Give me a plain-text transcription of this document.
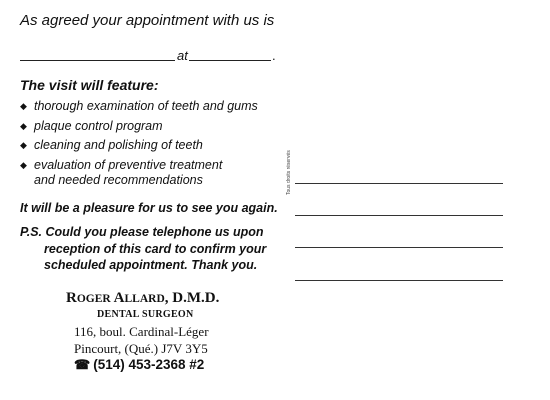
As agreed your appointment with us is
at	.
The visit will feature:
◆ thorough examination of teeth and gums
◆ plaque control program
◆ cleaning and polishing of teeth
◆ evaluation of preventive treatment
and needed recommendations
It will be a pleasure for us to see you again.
P.S. Could you please telephone us upon
reception of this card to confirm your
scheduled appointment. Thank you.
Tous droits réservés
ROGER ALLARD, D.M.D.
DENTAL SURGEON
116, boul. Cardinal-Léger
Pincourt, (Qué.) J7V 3Y5
☎ (514) 453-2368 #2
